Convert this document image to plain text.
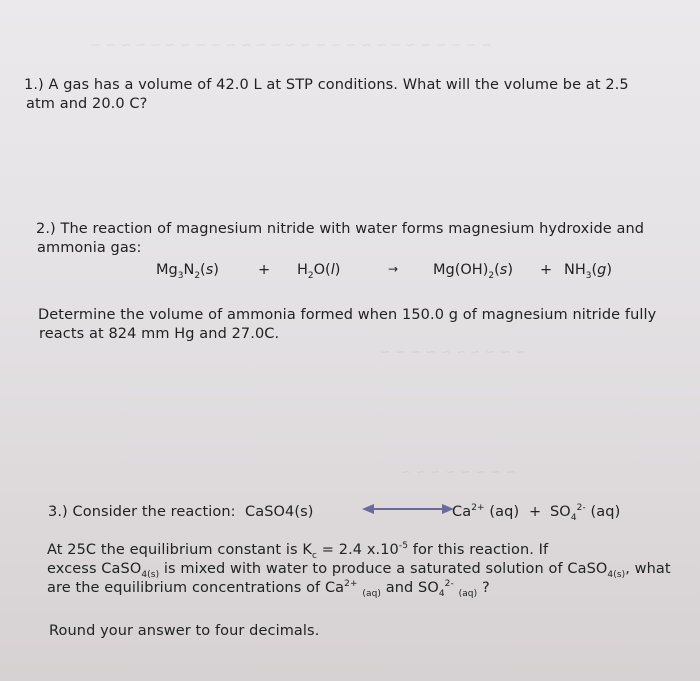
~ ~ ~ ~ ~ ~ ~ ~ ~ ~ ~ ~ ~ ~ ~ ~ ~ ~ ~ ~ ~ ~ ~ ~ ~ ~ ~
1.) A gas has a volume of 42.0 L at STP conditions. What will the volume be at 2.5
atm and 20.0 C?
2.) The reaction of magnesium nitride with water forms magnesium hydroxide and
ammonia gas:
$Mg_3N_2(s)$	+ $H_2O(l)$	→ $Mg(OH)_2(s) + NH_3(g)$
Determine the volume of ammonia formed when 150.0 g of magnesium nitride fully
reacts at 824 mm Hg and 27.0C.
~ ~ ~ ~ ~ ~ ~ ~ ~ ~
~ ~ ~ ~ ~ ~ ~ ~
3.) Consider the reaction: CaSO4(s)	$Ca^{2+}$ $(aq) + SO_4^{2-}$ (aq)
At 25C the equilibrium constant is $K_c = 2.4$ $x.10^{-5}$ for this reaction. If
excess CaSO$_{4(s)}$ is mixed with water to produce a saturated solution of CaSO$_{4(s)}$, what
are the equilibrium concentrations of $Ca^{2+}$ $_{(aq)}$ and $SO_4^{2-}$ $_{(aq)}$ ?
Round your answer to four decimals.
